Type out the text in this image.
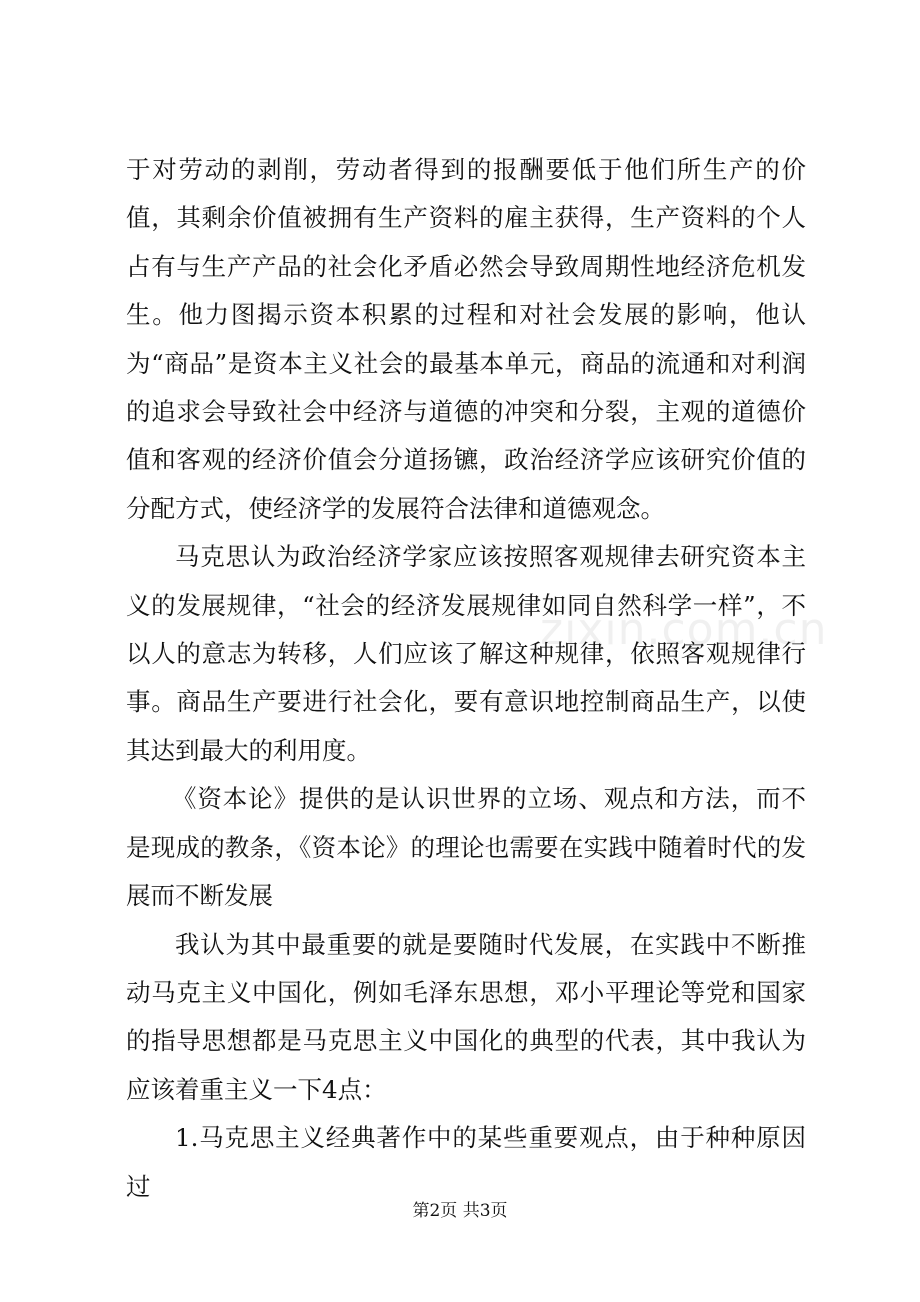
zixin.com.cn

于对劳动的剥削，劳动者得到的报酬要低于他们所生产的价值，其剩余价值被拥有生产资料的雇主获得，生产资料的个人占有与生产产品的社会化矛盾必然会导致周期性地经济危机发生。他力图揭示资本积累的过程和对社会发展的影响，他认为“商品”是资本主义社会的最基本单元，商品的流通和对利润的追求会导致社会中经济与道德的冲突和分裂，主观的道德价值和客观的经济价值会分道扬镳，政治经济学应该研究价值的分配方式，使经济学的发展符合法律和道德观念。

马克思认为政治经济学家应该按照客观规律去研究资本主义的发展规律，“社会的经济发展规律如同自然科学一样”，不以人的意志为转移，人们应该了解这种规律，依照客观规律行事。商品生产要进行社会化，要有意识地控制商品生产，以使其达到最大的利用度。

《资本论》提供的是认识世界的立场、观点和方法，而不是现成的教条，《资本论》的理论也需要在实践中随着时代的发展而不断发展

我认为其中最重要的就是要随时代发展，在实践中不断推动马克主义中国化，例如毛泽东思想，邓小平理论等党和国家的指导思想都是马克思主义中国化的典型的代表，其中我认为应该着重主义一下4点：

1.马克思主义经典著作中的某些重要观点，由于种种原因过

第2页 共3页
